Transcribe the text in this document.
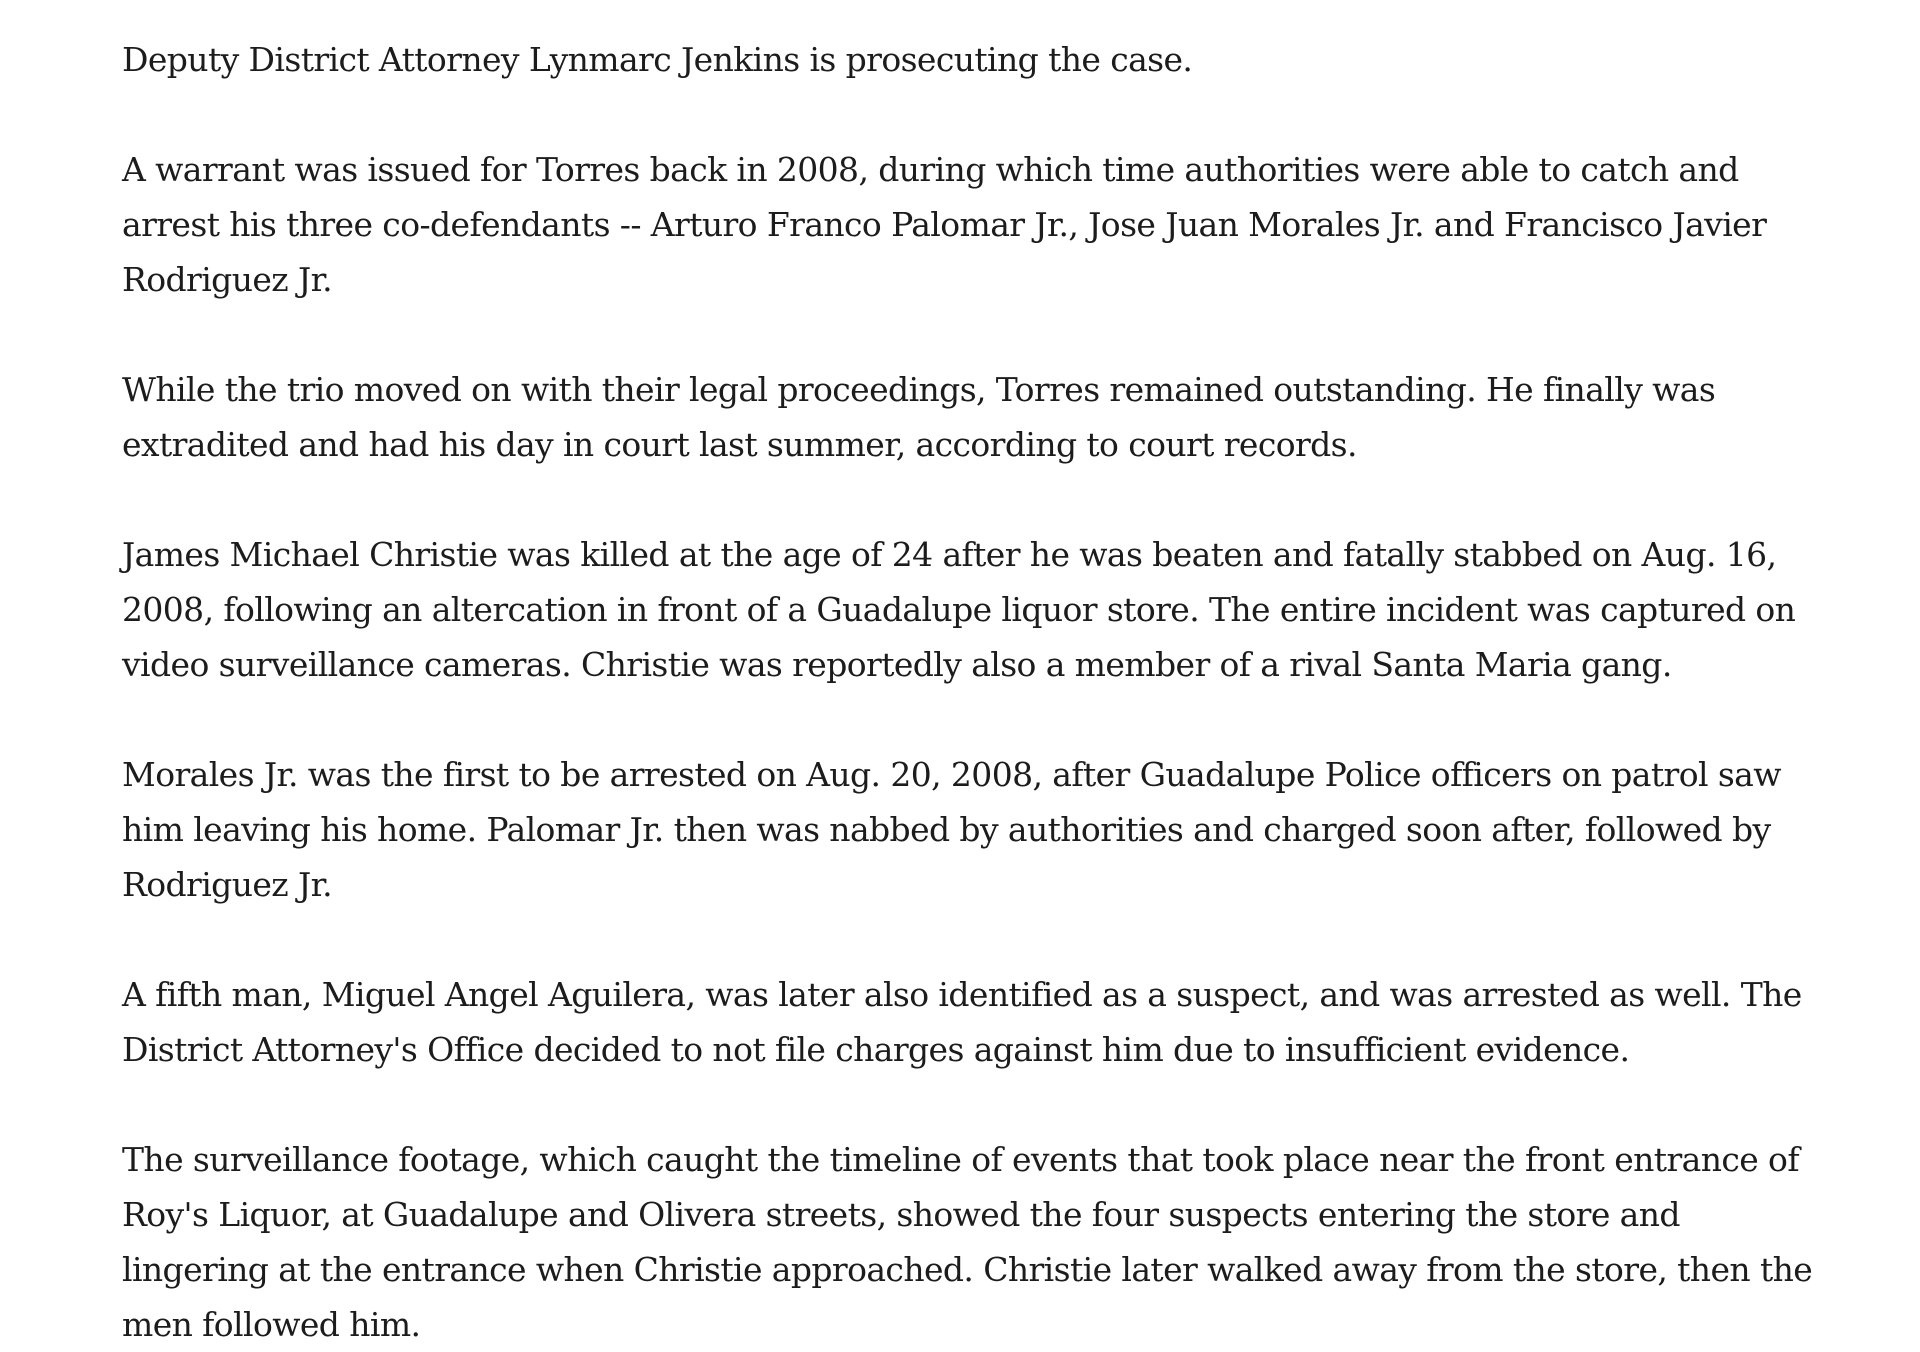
Deputy District Attorney Lynmarc Jenkins is prosecuting the case.

A warrant was issued for Torres back in 2008, during which time authorities were able to catch and arrest his three co-defendants -- Arturo Franco Palomar Jr., Jose Juan Morales Jr. and Francisco Javier Rodriguez Jr.

While the trio moved on with their legal proceedings, Torres remained outstanding. He finally was extradited and had his day in court last summer, according to court records.

James Michael Christie was killed at the age of 24 after he was beaten and fatally stabbed on Aug. 16, 2008, following an altercation in front of a Guadalupe liquor store. The entire incident was captured on video surveillance cameras. Christie was reportedly also a member of a rival Santa Maria gang.

Morales Jr. was the first to be arrested on Aug. 20, 2008, after Guadalupe Police officers on patrol saw him leaving his home. Palomar Jr. then was nabbed by authorities and charged soon after, followed by Rodriguez Jr.

A fifth man, Miguel Angel Aguilera, was later also identified as a suspect, and was arrested as well. The District Attorney's Office decided to not file charges against him due to insufficient evidence.

The surveillance footage, which caught the timeline of events that took place near the front entrance of Roy's Liquor, at Guadalupe and Olivera streets, showed the four suspects entering the store and lingering at the entrance when Christie approached. Christie later walked away from the store, then the men followed him.
